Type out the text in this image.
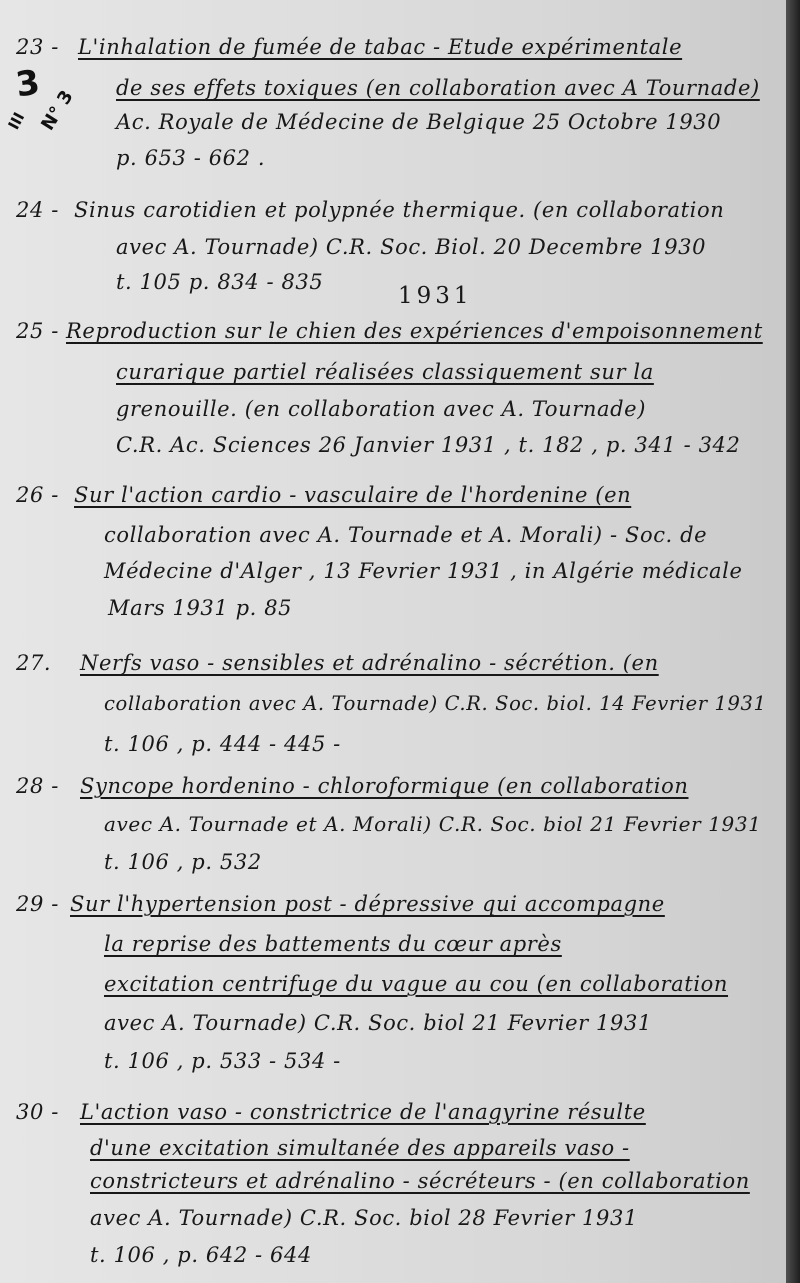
3
III N° 3
1931
23 - L'inhalation de fumée de tabac - Etude expérimentale
de ses effets toxiques (en collaboration avec A Tournade)
Ac. Royale de Médecine de Belgique 25 Octobre 1930
p. 653 - 662 .
24 - Sinus carotidien et polypnée thermique. (en collaboration
avec A. Tournade) C.R. Soc. Biol. 20 Decembre 1930
t. 105 p. 834 - 835
25 - Reproduction sur le chien des expériences d'empoisonnement
curarique partiel réalisées classiquement sur la
grenouille. (en collaboration avec A. Tournade)
C.R. Ac. Sciences 26 Janvier 1931 , t. 182 , p. 341 - 342
26 - Sur l'action cardio - vasculaire de l'hordenine (en
collaboration avec A. Tournade et A. Morali) - Soc. de
Médecine d'Alger , 13 Fevrier 1931 , in Algérie médicale
Mars 1931 p. 85
27.	Nerfs vaso - sensibles et adrénalino - sécrétion. (en
collaboration avec A. Tournade) C.R. Soc. biol. 14 Fevrier 1931
t. 106 , p. 444 - 445 -
28 -	Syncope hordenino - chloroformique (en collaboration
avec A. Tournade et A. Morali) C.R. Soc. biol 21 Fevrier 1931
t. 106 , p. 532
29 - Sur l'hypertension post - dépressive qui accompagne
la reprise des battements du cœur après
excitation centrifuge du vague au cou (en collaboration
avec A. Tournade) C.R. Soc. biol 21 Fevrier 1931
t. 106 , p. 533 - 534 -
30 -	L'action vaso - constrictrice de l'anagyrine résulte
d'une excitation simultanée des appareils vaso -
constricteurs et adrénalino - sécréteurs - (en collaboration
avec A. Tournade) C.R. Soc. biol 28 Fevrier 1931
t. 106 , p. 642 - 644
